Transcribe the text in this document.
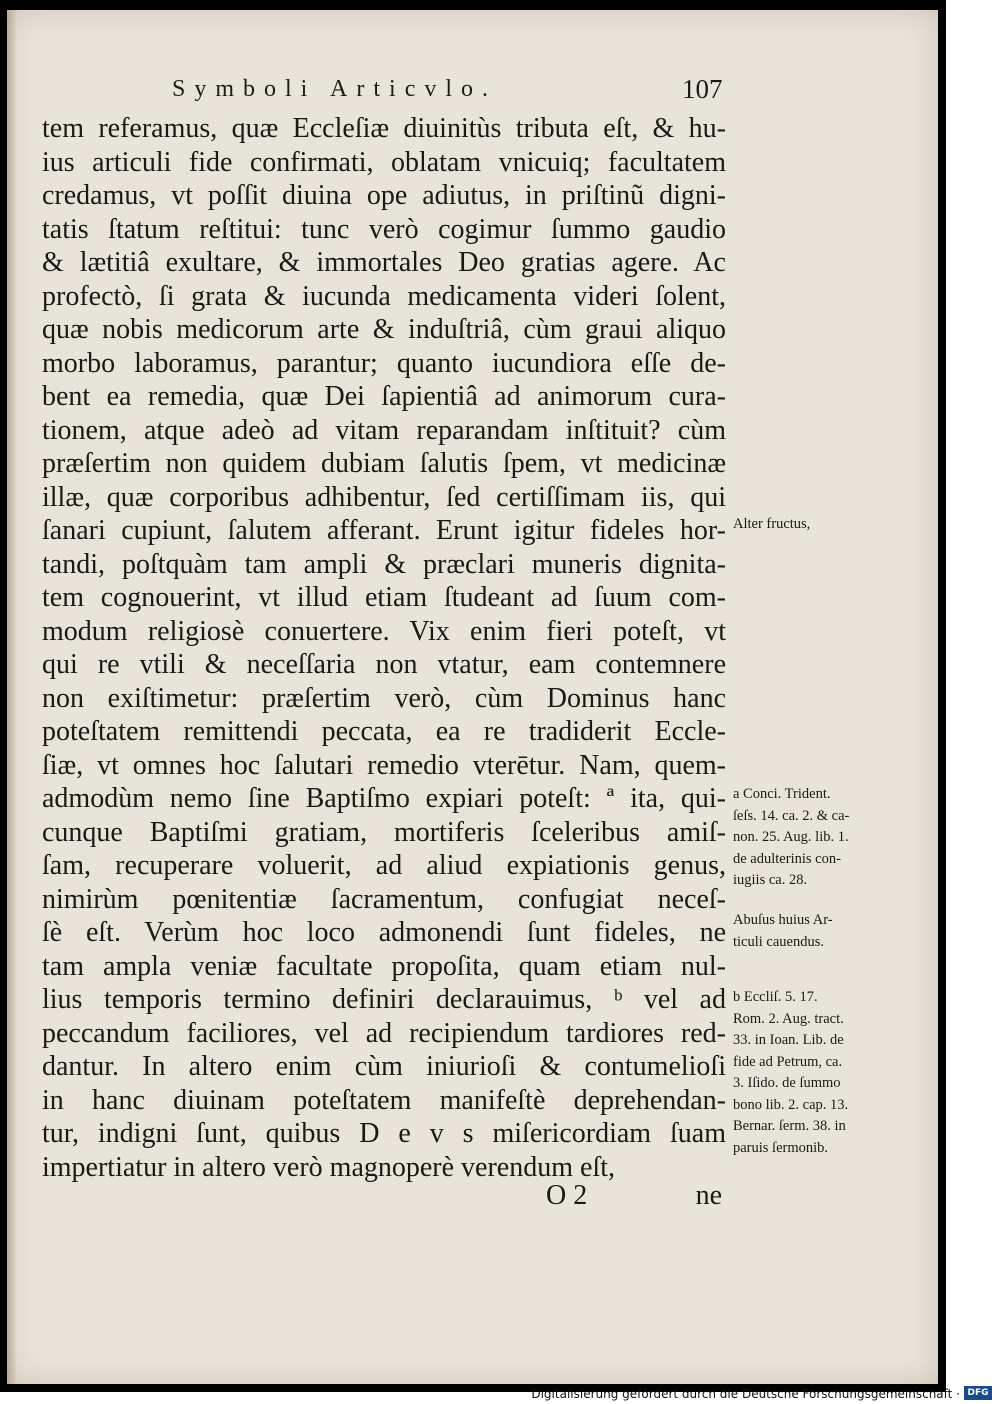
Symboli Articvlo.	107
tem referamus, quæ Eccleſiæ diuinitùs tributa eſt, & hu-
ius articuli fide confirmati, oblatam vnicuiq; facultatem
credamus, vt poſſit diuina ope adiutus, in priſtinũ digni-
tatis ſtatum reſtitui: tunc verò cogimur ſummo gaudio
& lætitiâ exultare, & immortales Deo gratias agere. Ac
profectò, ſi grata & iucunda medicamenta videri ſolent,
quæ nobis medicorum arte & induſtriâ, cùm graui aliquo
morbo laboramus, parantur; quanto iucundiora eſſe de-
bent ea remedia, quæ Dei ſapientiâ ad animorum cura-
tionem, atque adeò ad vitam reparandam inſtituit? cùm
præſertim non quidem dubiam ſalutis ſpem, vt medicinæ
illæ, quæ corporibus adhibentur, ſed certiſſimam iis, qui
ſanari cupiunt, ſalutem afferant. Erunt igitur fideles hor-
tandi, poſtquàm tam ampli & præclari muneris dignita-
tem cognouerint, vt illud etiam ſtudeant ad ſuum com-
modum religiosè conuertere. Vix enim fieri poteſt, vt
qui re vtili & neceſſaria non vtatur, eam contemnere
non exiſtimetur: præſertim verò, cùm Dominus hanc
poteſtatem remittendi peccata, ea re tradiderit Eccle-
ſiæ, vt omnes hoc ſalutari remedio vterētur. Nam, quem-
admodùm nemo ſine Baptiſmo expiari poteſt: ª ita, qui-
cunque Baptiſmi gratiam, mortiferis ſceleribus amiſ-
ſam, recuperare voluerit, ad aliud expiationis genus,
nimirùm pœnitentiæ ſacramentum, confugiat neceſ-
ſè eſt. Verùm hoc loco admonendi ſunt fideles, ne
tam ampla veniæ facultate propoſita, quam etiam nul-
lius temporis termino definiri declarauimus, ᵇ vel ad
peccandum faciliores, vel ad recipiendum tardiores red-
dantur. In altero enim cùm iniurioſi & contumelioſi
in hanc diuinam poteſtatem manifeſtè deprehendan-
tur, indigni ſunt, quibus D e v s miſericordiam ſuam
impertiatur in altero verò magnoperè verendum eſt,
Alter fructus,
a Conci. Trident.
ſeſs. 14. ca. 2. & ca-
non. 25. Aug. lib. 1.
de adulterinis con-
iugiis ca. 28.
Abuſus huius Ar-
ticuli cauendus.
b Eccliſ. 5. 17.
Rom. 2. Aug. tract.
33. in Ioan. Lib. de
fide ad Petrum, ca.
3. Iſido. de ſummo
bono lib. 2. cap. 13.
Bernar. ſerm. 38. in
paruis ſermonib.
O 2	ne
Digitalisierung gefördert durch die Deutsche Forschungsgemeinschaft · DFG
